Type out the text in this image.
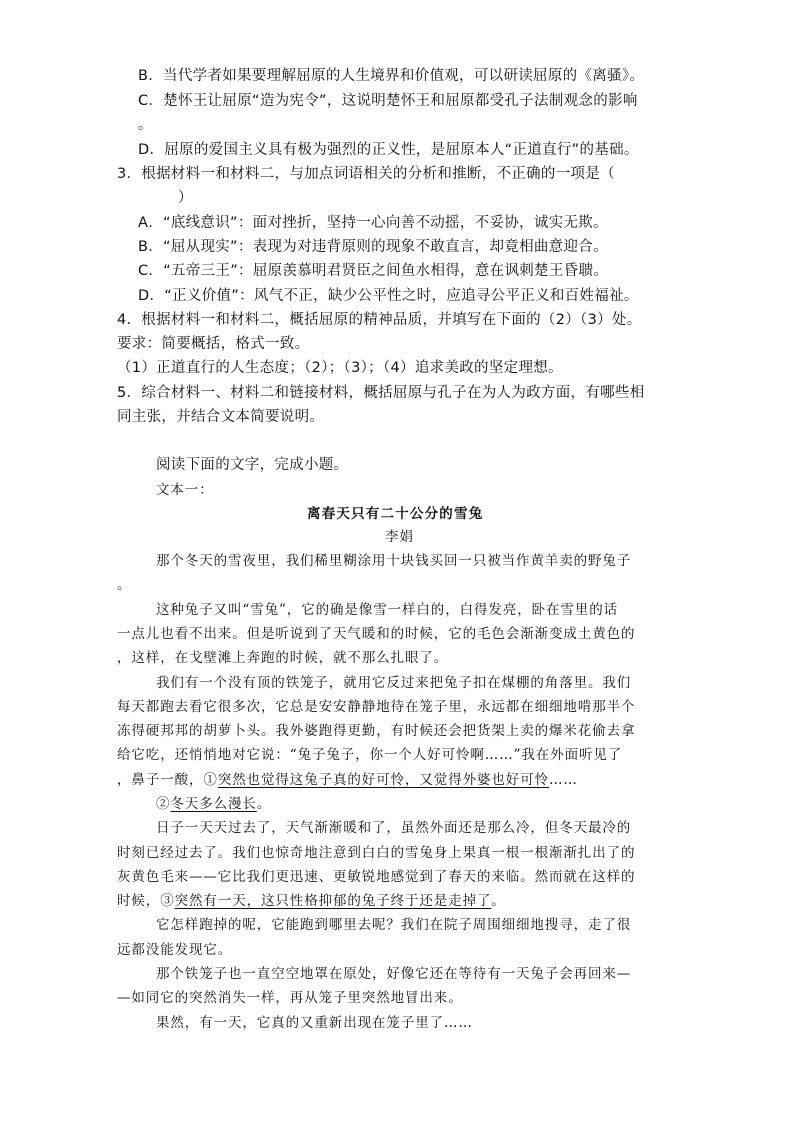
B．当代学者如果要理解屈原的人生境界和价值观，可以研读屈原的《离骚》。
C．楚怀王让屈原“造为宪令”，这说明楚怀王和屈原都受孔子法制观念的影响
。
D．屈原的爱国主义具有极为强烈的正义性，是屈原本人“正道直行”的基础。
3．根据材料一和材料二，与加点词语相关的分析和推断，不正确的一项是（
）
A．“底线意识”：面对挫折，坚持一心向善不动摇，不妥协，诚实无欺。
B．“屈从现实”：表现为对违背原则的现象不敢直言，却竟相曲意迎合。
C．“五帝三王”：屈原羡慕明君贤臣之间鱼水相得，意在讽刺楚王昏聩。
D．“正义价值”：风气不正，缺少公平性之时，应追寻公平正义和百姓福祉。
4．根据材料一和材料二，概括屈原的精神品质，并填写在下面的（2）（3）处。
要求：简要概括，格式一致。
（1）正道直行的人生态度；（2）；（3）；（4）追求美政的坚定理想。
5．综合材料一、材料二和链接材料，概括屈原与孔子在为人为政方面，有哪些相
同主张，并结合文本简要说明。
阅读下面的文字，完成小题。
文本一：
离春天只有二十公分的雪兔
李娟
那个冬天的雪夜里，我们稀里糊涂用十块钱买回一只被当作黄羊卖的野兔子
。
这种兔子又叫“雪兔”，它的确是像雪一样白的，白得发亮，卧在雪里的话
一点儿也看不出来。但是听说到了天气暖和的时候，它的毛色会渐渐变成土黄色的
，这样，在戈壁滩上奔跑的时候，就不那么扎眼了。
我们有一个没有顶的铁笼子，就用它反过来把兔子扣在煤棚的角落里。我们
每天都跑去看它很多次，它总是安安静静地待在笼子里，永远都在细细地啃那半个
冻得硬邦邦的胡萝卜头。我外婆跑得更勤，有时候还会把货架上卖的爆米花偷去拿
给它吃，还悄悄地对它说：“兔子兔子，你一个人好可怜啊……”我在外面听见了
，鼻子一酸，①突然也觉得这兔子真的好可怜，又觉得外婆也好可怜……
②冬天多么漫长。
日子一天天过去了，天气渐渐暖和了，虽然外面还是那么冷，但冬天最冷的
时刻已经过去了。我们也惊奇地注意到白白的雪兔身上果真一根一根渐渐扎出了的
灰黄色毛来——它比我们更迅速、更敏锐地感觉到了春天的来临。然而就在这样的
时候，③突然有一天，这只性格抑郁的兔子终于还是走掉了。
它怎样跑掉的呢，它能跑到哪里去呢？我们在院子周围细细地搜寻，走了很
远都没能发现它。
那个铁笼子也一直空空地罩在原处，好像它还在等待有一天兔子会再回来—
—如同它的突然消失一样，再从笼子里突然地冒出来。
果然，有一天，它真的又重新出现在笼子里了……
